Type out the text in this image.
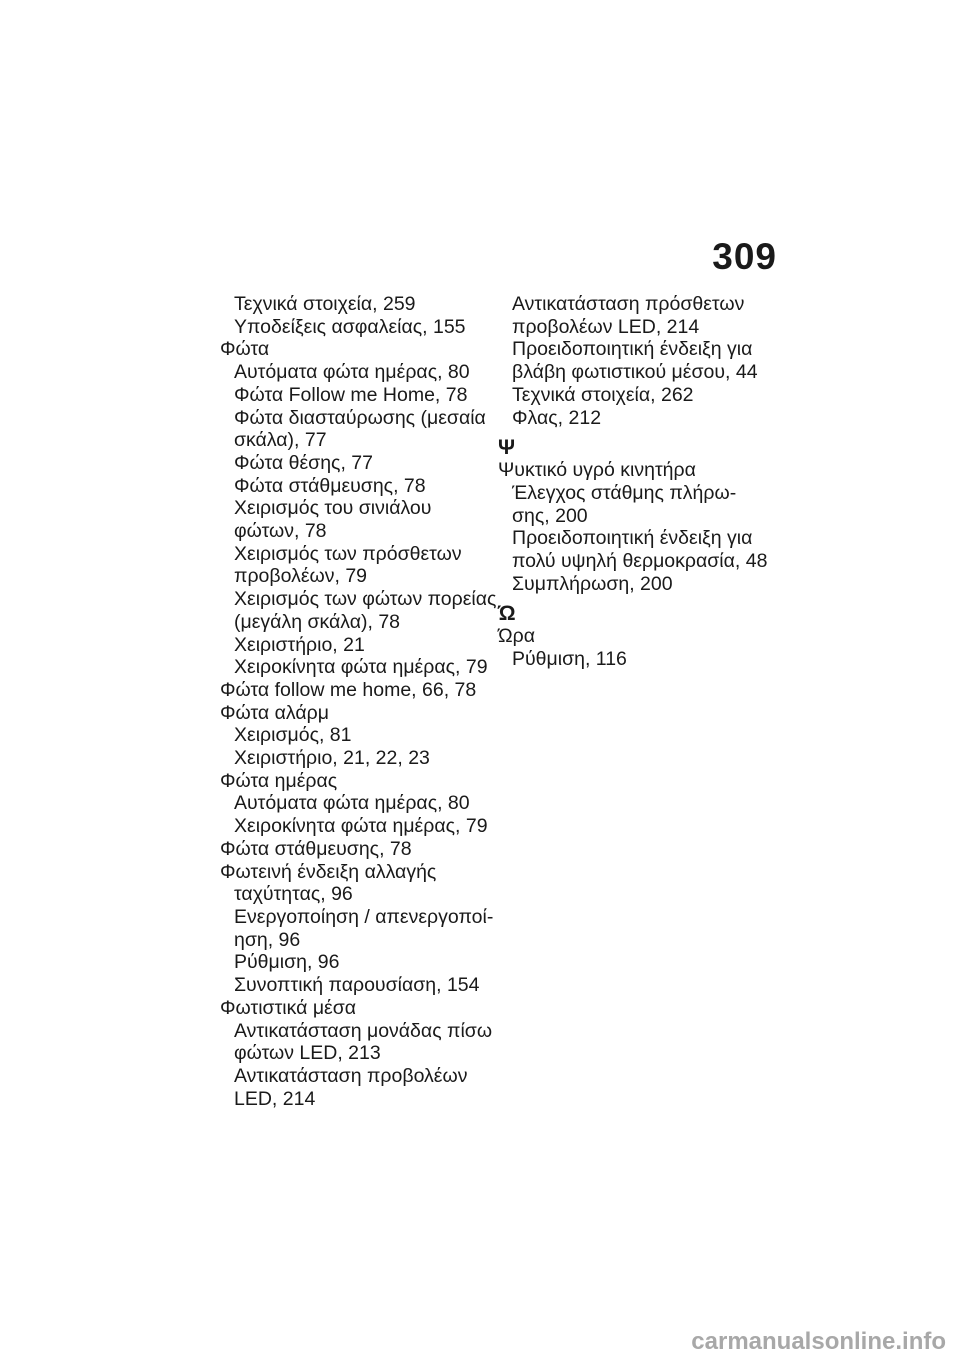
309
Τεχνικά στοιχεία, 259
Υποδείξεις ασφαλείας, 155
Φώτα
Αυτόματα φώτα ημέρας, 80
Φώτα Follow me Home, 78
Φώτα διασταύρωσης (μεσαία
σκάλα), 77
Φώτα θέσης, 77
Φώτα στάθμευσης, 78
Χειρισμός του σινιάλου
φώτων, 78
Χειρισμός των πρόσθετων
προβολέων, 79
Χειρισμός των φώτων πορείας
(μεγάλη σκάλα), 78
Χειριστήριο, 21
Χειροκίνητα φώτα ημέρας, 79
Φώτα follow me home, 66, 78
Φώτα αλάρμ
Χειρισμός, 81
Χειριστήριο, 21, 22, 23
Φώτα ημέρας
Αυτόματα φώτα ημέρας, 80
Χειροκίνητα φώτα ημέρας, 79
Φώτα στάθμευσης, 78
Φωτεινή ένδειξη αλλαγής
ταχύτητας, 96
Ενεργοποίηση / απενεργοποί-
ηση, 96
Ρύθμιση, 96
Συνοπτική παρουσίαση, 154
Φωτιστικά μέσα
Αντικατάσταση μονάδας πίσω
φώτων LED, 213
Αντικατάσταση προβολέων
LED, 214
Αντικατάσταση πρόσθετων
προβολέων LED, 214
Προειδοποιητική ένδειξη για
βλάβη φωτιστικού μέσου, 44
Τεχνικά στοιχεία, 262
Φλας, 212
Ψ
Ψυκτικό υγρό κινητήρα
Έλεγχος στάθμης πλήρω-
σης, 200
Προειδοποιητική ένδειξη για
πολύ υψηλή θερμοκρασία, 48
Συμπλήρωση, 200
Ώ
Ώρα
Ρύθμιση, 116
carmanualsonline.info
